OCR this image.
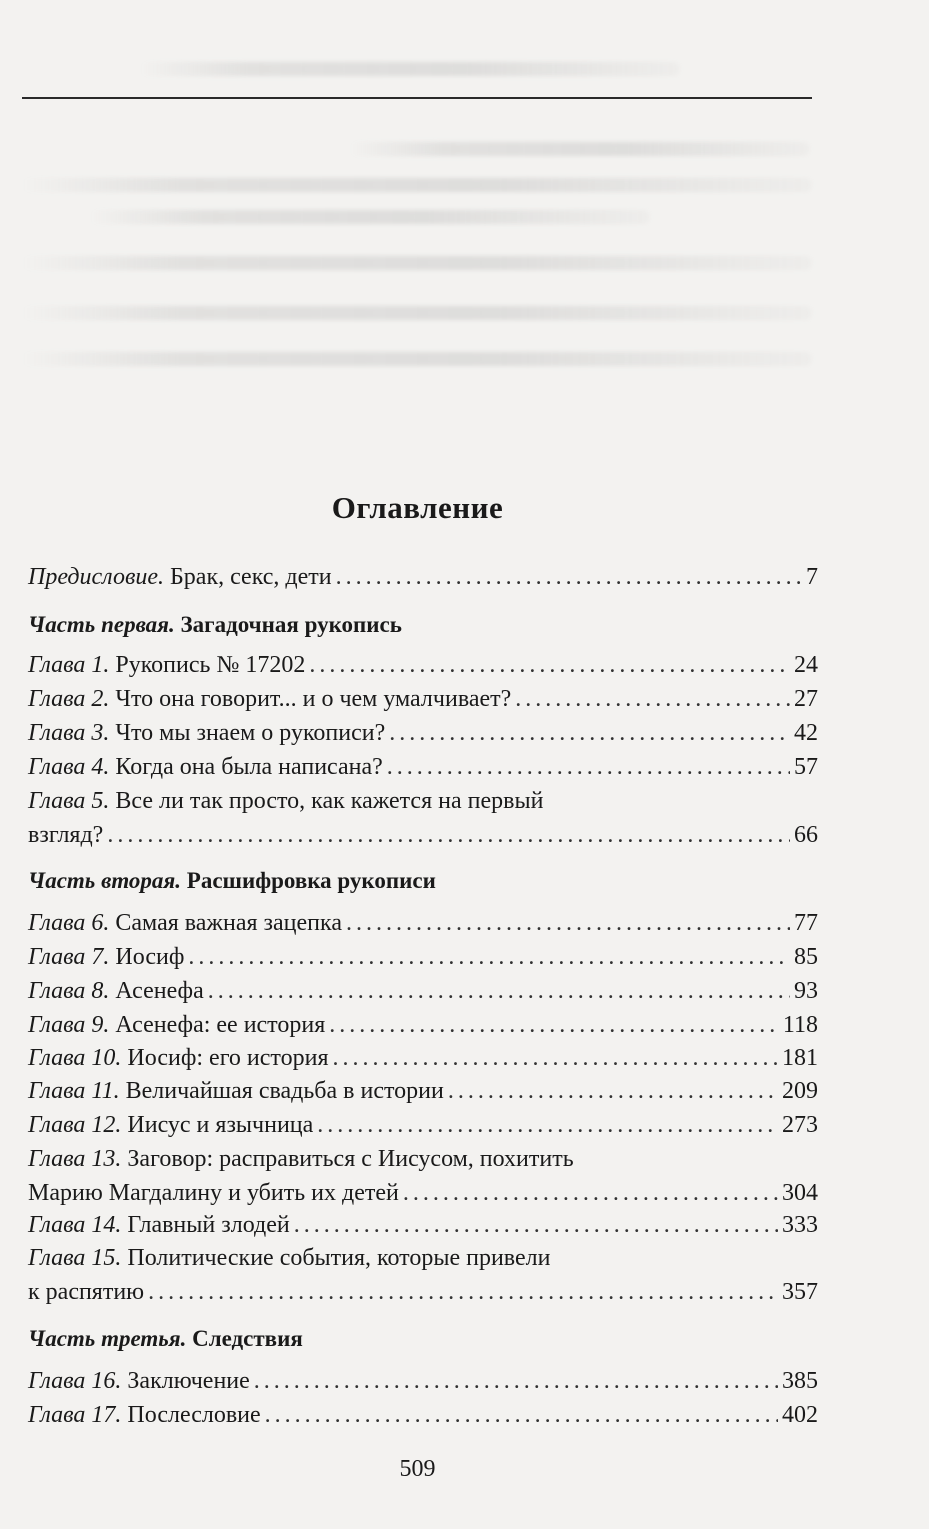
Оглавление
Предисловие. Брак, секс, дети . . .	7
Часть первая. Загадочная рукопись
Глава 1. Рукопись № 17202 . . .	24
Глава 2. Что она говорит... и о чем умалчивает? . . .	27
Глава 3. Что мы знаем о рукописи? . . .	42
Глава 4. Когда она была написана? . . .	57
Глава 5. Все ли так просто, как кажется на первый
взгляд? . . .	66
Часть вторая. Расшифровка рукописи
Глава 6. Самая важная зацепка . . .	77
Глава 7. Иосиф . . .	85
Глава 8. Асенефа . . .	93
Глава 9. Асенефа: ее история . . .	118
Глава 10. Иосиф: его история . . .	181
Глава 11. Величайшая свадьба в истории . . .	209
Глава 12. Иисус и язычница . . .	273
Глава 13. Заговор: расправиться с Иисусом, похитить
Марию Магдалину и убить их детей . . .	304
Глава 14. Главный злодей . . .	333
Глава 15. Политические события, которые привели
к распятию . . .	357
Часть третья. Следствия
Глава 16. Заключение . . .	385
Глава 17. Послесловие . . .	402
509
